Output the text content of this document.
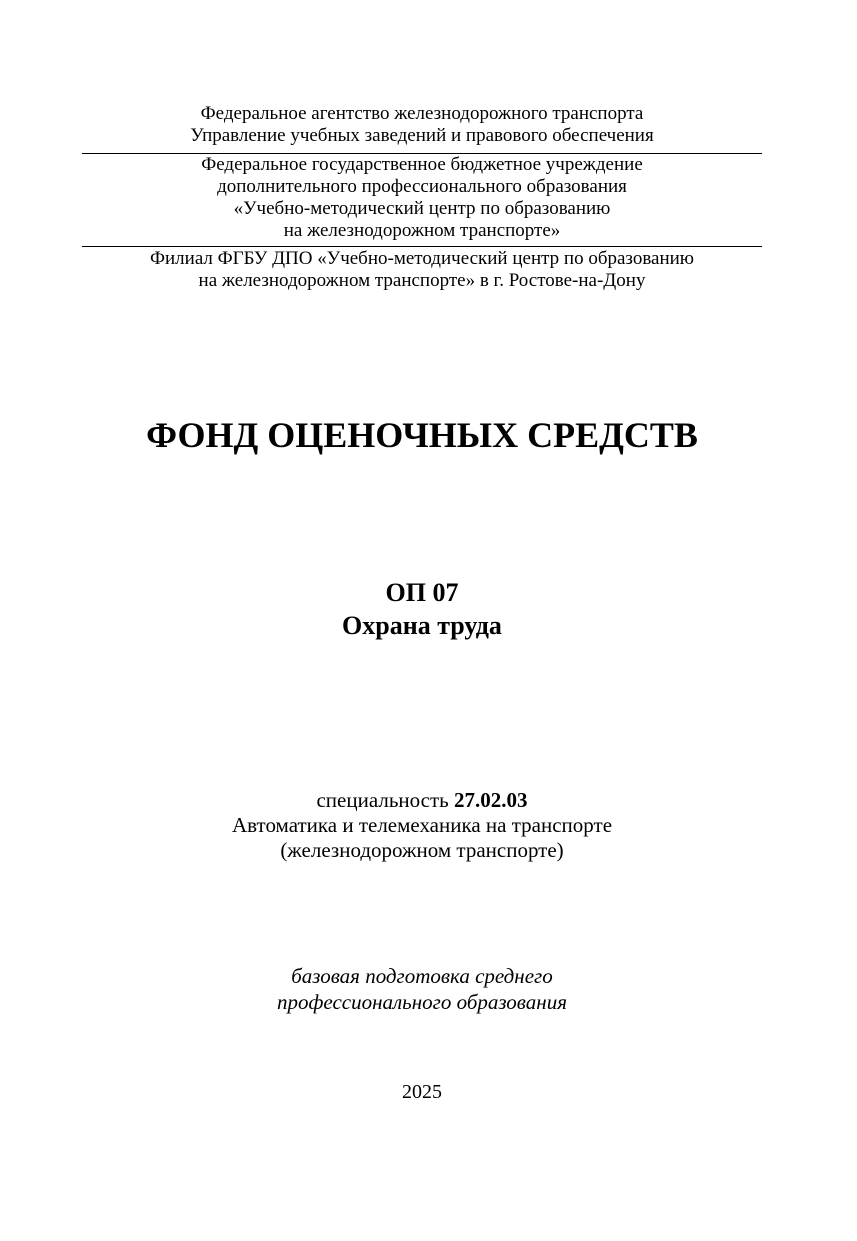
Федеральное агентство железнодорожного транспорта
Управление учебных заведений и правового обеспечения
Федеральное государственное бюджетное учреждение
дополнительного профессионального образования
«Учебно-методический центр по образованию
на железнодорожном транспорте»
Филиал ФГБУ ДПО «Учебно-методический центр по образованию
на железнодорожном транспорте» в г. Ростове-на-Дону
ФОНД ОЦЕНОЧНЫХ СРЕДСТВ
ОП 07
Охрана труда
специальность 27.02.03
Автоматика и телемеханика на транспорте
(железнодорожном транспорте)
базовая подготовка среднего
профессионального образования
2025
